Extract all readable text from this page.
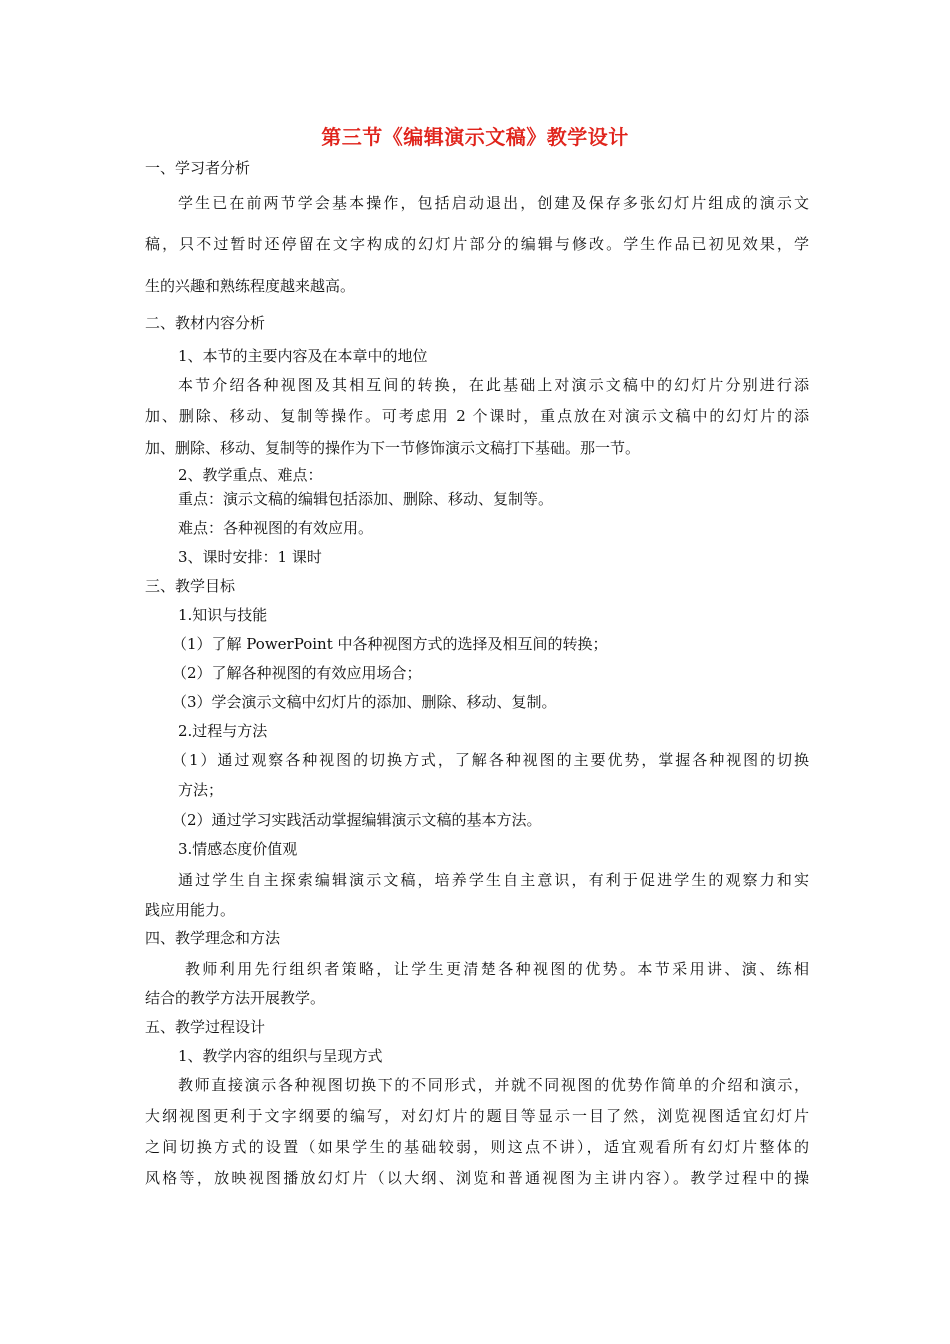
第三节《编辑演示文稿》教学设计

一、学习者分析

学生已在前两节学会基本操作，包括启动退出，创建及保存多张幻灯片组成的演示文

稿，只不过暂时还停留在文字构成的幻灯片部分的编辑与修改。学生作品已初见效果，学

生的兴趣和熟练程度越来越高。

二、教材内容分析

1、本节的主要内容及在本章中的地位

本节介绍各种视图及其相互间的转换，在此基础上对演示文稿中的幻灯片分别进行添

加、删除、移动、复制等操作。可考虑用 2 个课时，重点放在对演示文稿中的幻灯片的添

加、删除、移动、复制等的操作为下一节修饰演示文稿打下基础。那一节。

2、教学重点、难点：

重点：演示文稿的编辑包括添加、删除、移动、复制等。

难点：各种视图的有效应用。

3、课时安排：1 课时

三、教学目标

1.知识与技能

（1）了解 PowerPoint 中各种视图方式的选择及相互间的转换；

（2）了解各种视图的有效应用场合；

（3）学会演示文稿中幻灯片的添加、删除、移动、复制。

2.过程与方法

（1）通过观察各种视图的切换方式，了解各种视图的主要优势，掌握各种视图的切换

方法；

（2）通过学习实践活动掌握编辑演示文稿的基本方法。

3.情感态度价值观

通过学生自主探索编辑演示文稿，培养学生自主意识，有利于促进学生的观察力和实

践应用能力。

四、教学理念和方法

教师利用先行组织者策略，让学生更清楚各种视图的优势。本节采用讲、演、练相

结合的教学方法开展教学。

五、教学过程设计

1、教学内容的组织与呈现方式

教师直接演示各种视图切换下的不同形式，并就不同视图的优势作简单的介绍和演示，

大纲视图更利于文字纲要的编写，对幻灯片的题目等显示一目了然，浏览视图适宜幻灯片

之间切换方式的设置（如果学生的基础较弱，则这点不讲），适宜观看所有幻灯片整体的

风格等，放映视图播放幻灯片（以大纲、浏览和普通视图为主讲内容）。教学过程中的操
